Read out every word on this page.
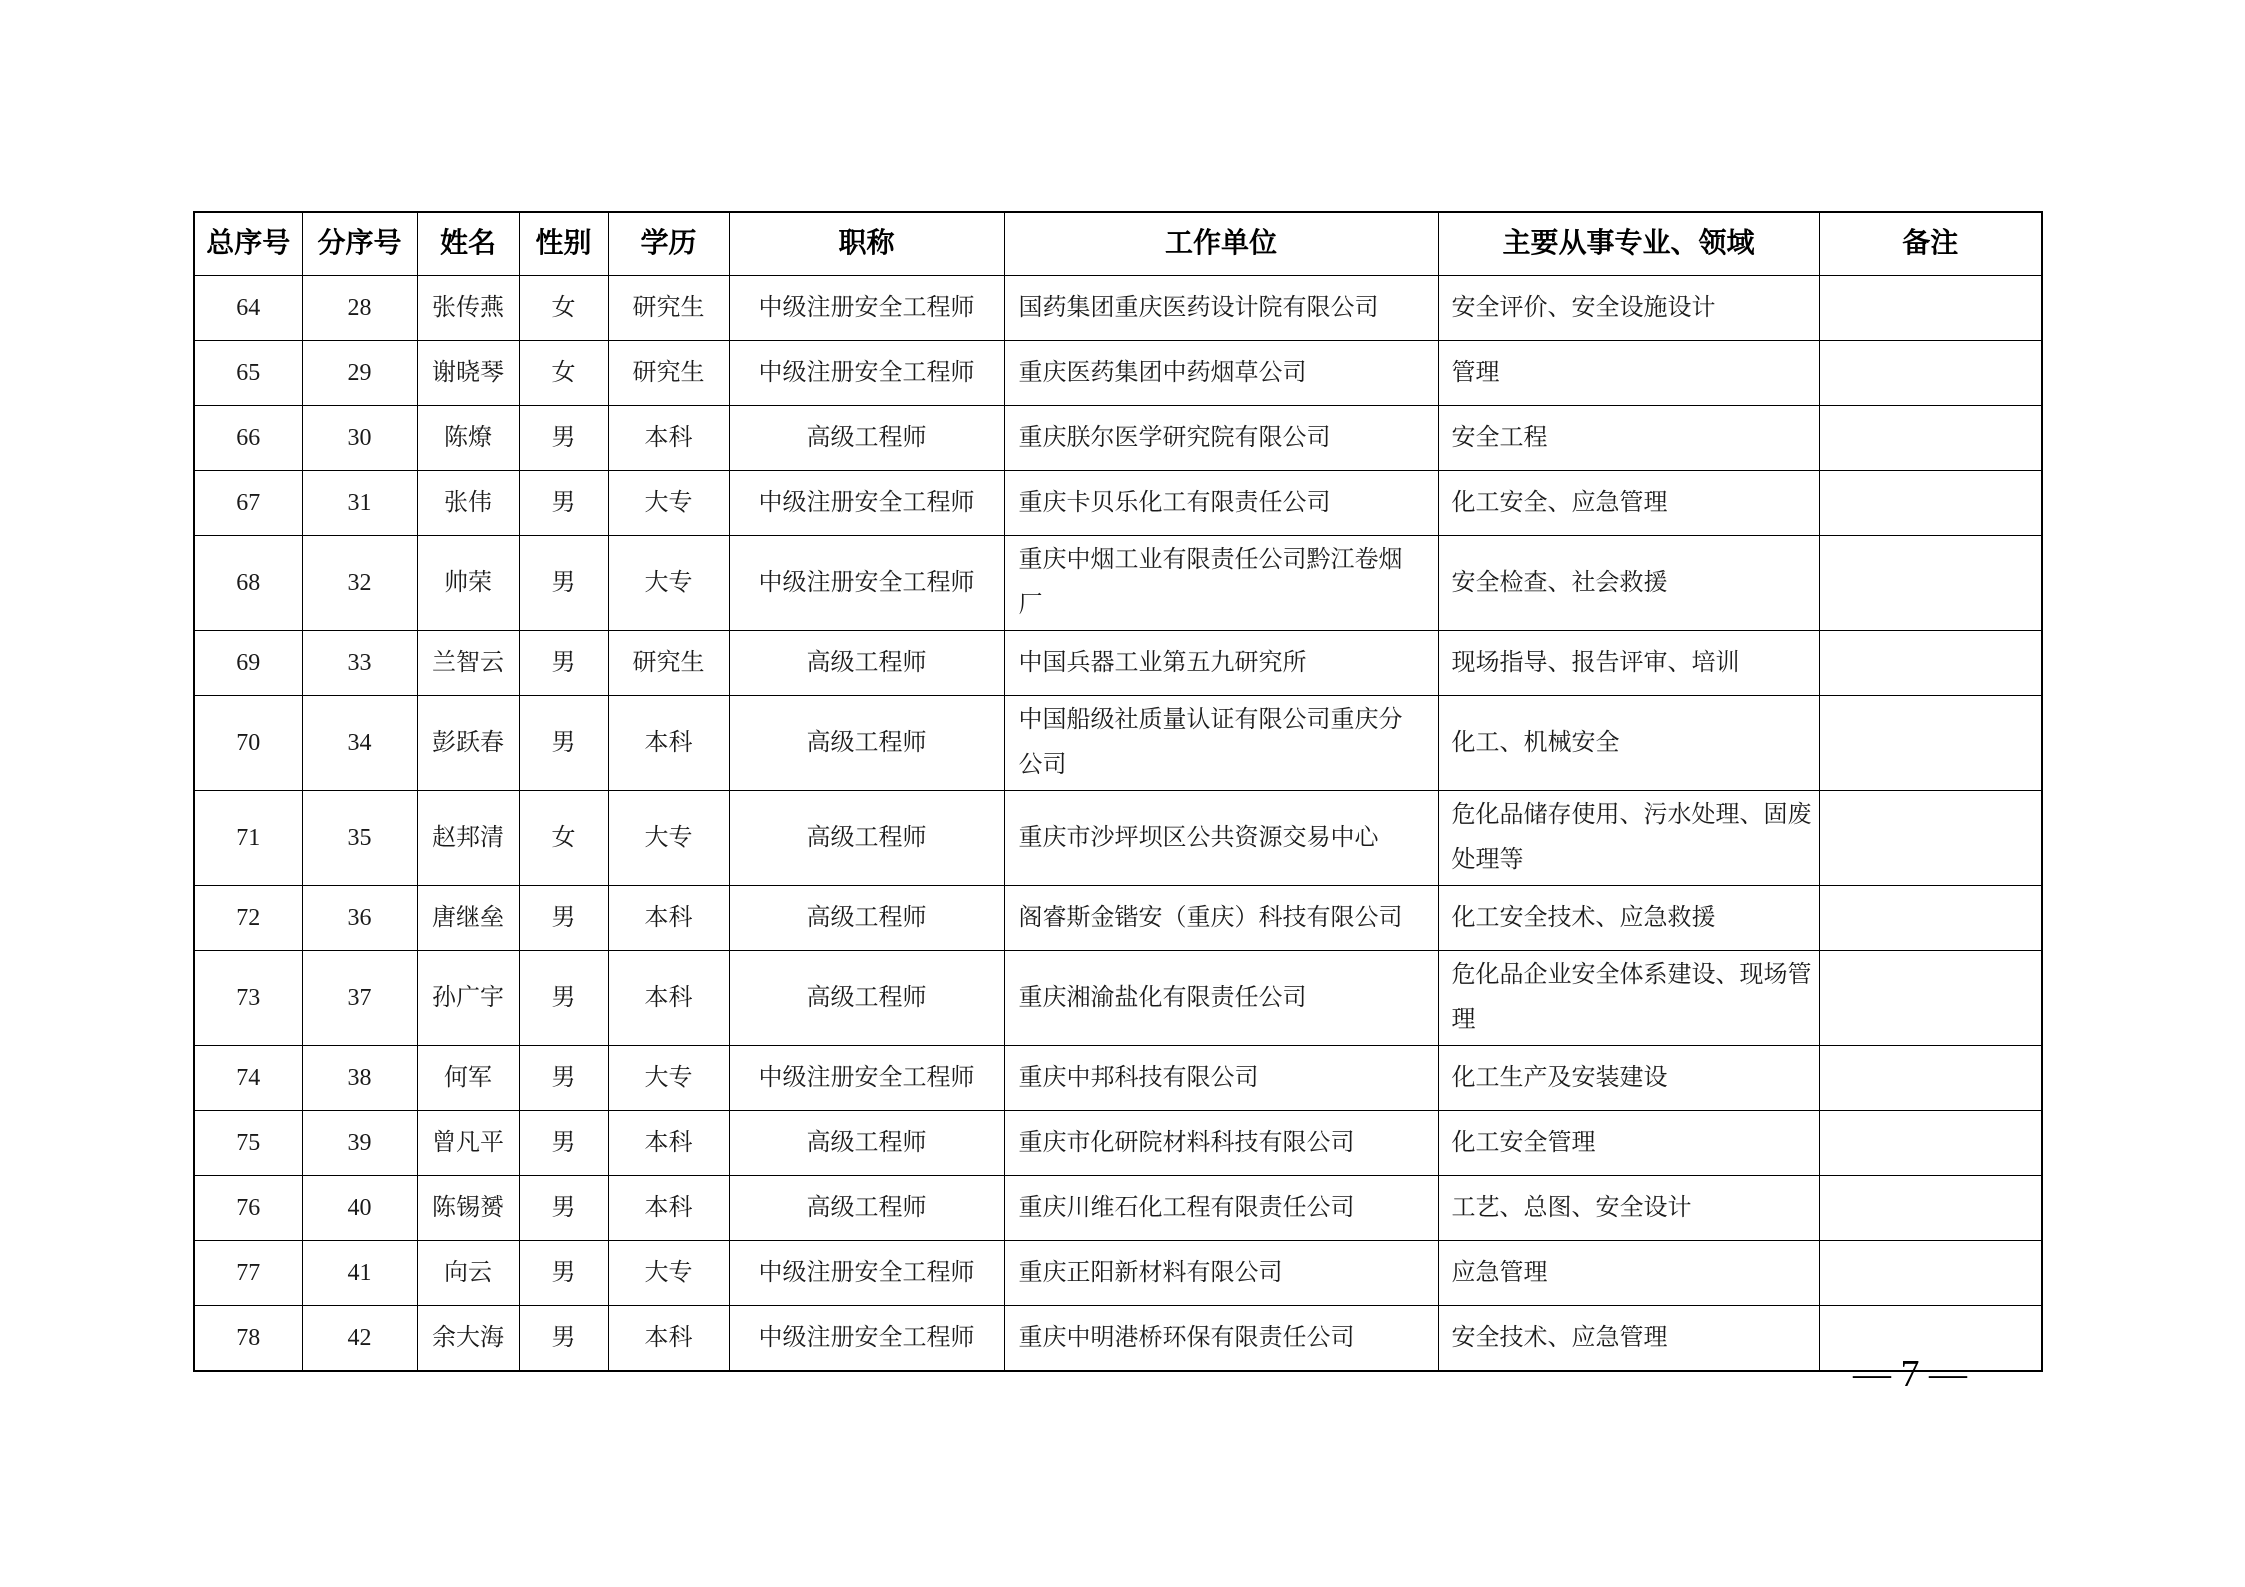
总序号	分序号	姓名	性别	学历	职称	工作单位	主要从事专业、领域	备注
64	28	张传燕	女	研究生	中级注册安全工程师	国药集团重庆医药设计院有限公司	安全评价、安全设施设计	
65	29	谢晓琴	女	研究生	中级注册安全工程师	重庆医药集团中药烟草公司	管理	
66	30	陈燎	男	本科	高级工程师	重庆朕尔医学研究院有限公司	安全工程	
67	31	张伟	男	大专	中级注册安全工程师	重庆卡贝乐化工有限责任公司	化工安全、应急管理	
68	32	帅荣	男	大专	中级注册安全工程师	重庆中烟工业有限责任公司黔江卷烟厂	安全检查、社会救援	
69	33	兰智云	男	研究生	高级工程师	中国兵器工业第五九研究所	现场指导、报告评审、培训	
70	34	彭跃春	男	本科	高级工程师	中国船级社质量认证有限公司重庆分公司	化工、机械安全	
71	35	赵邦清	女	大专	高级工程师	重庆市沙坪坝区公共资源交易中心	危化品储存使用、污水处理、固废处理等	
72	36	唐继垒	男	本科	高级工程师	阁睿斯金锴安（重庆）科技有限公司	化工安全技术、应急救援	
73	37	孙广宇	男	本科	高级工程师	重庆湘渝盐化有限责任公司	危化品企业安全体系建设、现场管理	
74	38	何军	男	大专	中级注册安全工程师	重庆中邦科技有限公司	化工生产及安装建设	
75	39	曾凡平	男	本科	高级工程师	重庆市化研院材料科技有限公司	化工安全管理	
76	40	陈锡赟	男	本科	高级工程师	重庆川维石化工程有限责任公司	工艺、总图、安全设计	
77	41	向云	男	大专	中级注册安全工程师	重庆正阳新材料有限公司	应急管理	
78	42	余大海	男	本科	中级注册安全工程师	重庆中明港桥环保有限责任公司	安全技术、应急管理	
— 7 —
